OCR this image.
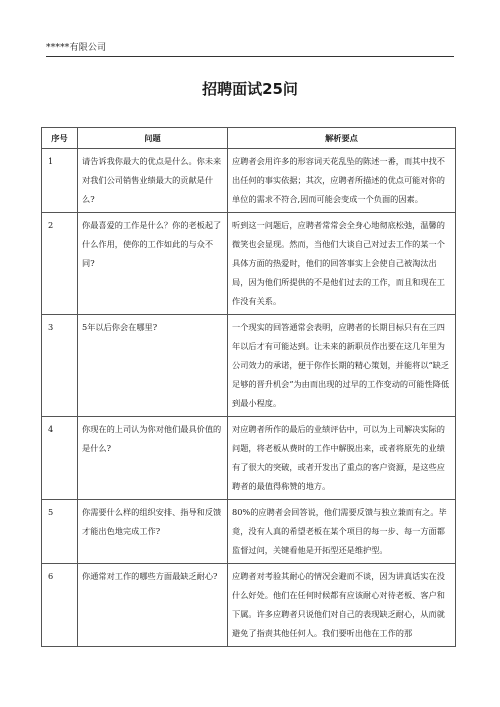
*****有限公司
招聘面试25问
序号	问题	解析要点
1	请告诉我你最大的优点是什么。你未来对我们公司销售业绩最大的贡献是什么?	应聘者会用许多的形容词天花乱坠的陈述一番，而其中找不出任何的事实依据；其次，应聘者所描述的优点可能对你的单位的需求不符合,因而可能会变成一个负面的因素。
2	你最喜爱的工作是什么？你的老板起了什么作用，使你的工作如此的与众不同?	听到这一问题后，应聘者常常会全身心地彻底松弛，温馨的微笑也会显现。然而，当他们大谈自己对过去工作的某一个具体方面的热爱时，他们的回答事实上会使自己被淘汰出局，因为他们所提供的不是他们过去的工作，而且和现在工作没有关系。
3	5年以后你会在哪里?	一个现实的回答通常会表明，应聘者的长期目标只有在三四年以后才有可能达到。让未来的新职员作出要在这几年里为公司效力的承诺，便于你作长期的精心策划，并能将以“缺乏足够的晋升机会”为由而出现的过早的工作变动的可能性降低到最小程度。
4	你现在的上司认为你对他们最具价值的是什么?	对应聘者所作的最后的业绩评估中，可以为上司解决实际的问题，将老板从费时的工作中解脱出来，或者将原先的业绩有了很大的突破，或者开发出了重点的客户资源，是这些应聘者的最值得称赞的地方。
5	你需要什么样的组织安排、指导和反馈才能出色地完成工作?	80%的应聘者会回答说，他们需要反馈与独立兼而有之。毕竟，没有人真的希望老板在某个项目的每一步、每一方面都监督过问，关键看他是开拓型还是维护型。
6	你通常对工作的哪些方面最缺乏耐心?	应聘者对考验其耐心的情况会避而不谈，因为讲真话实在没什么好处。他们在任何时候都有应该耐心对待老板、客户和下属。许多应聘者只说他们对自己的表现缺乏耐心，从而就避免了指责其他任何人。我们要听出他在工作的那
